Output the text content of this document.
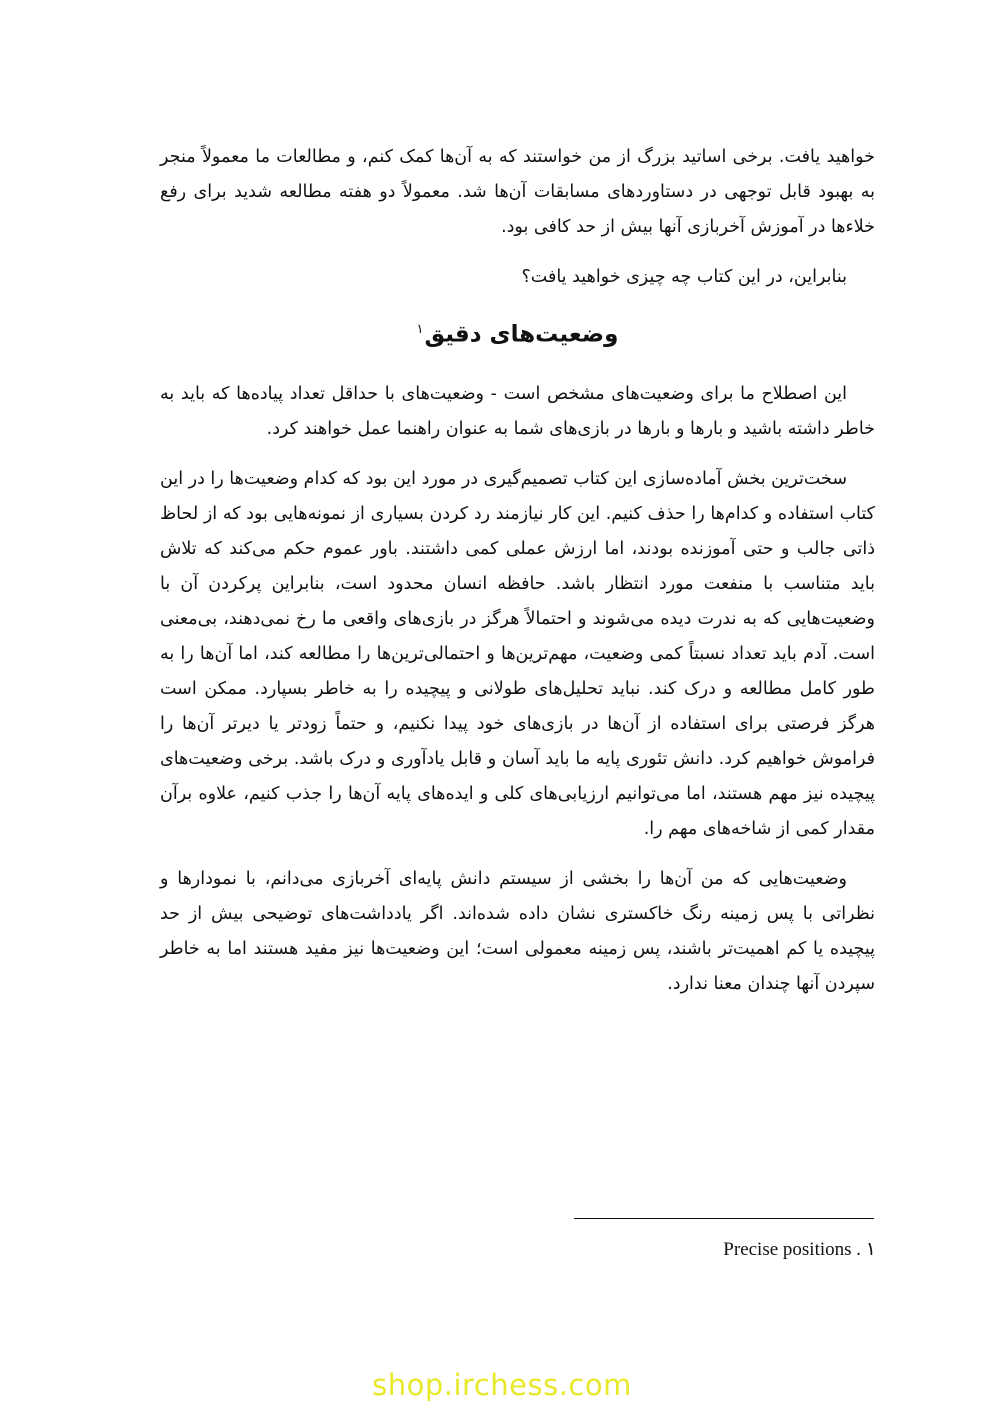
خواهید یافت. برخی اساتید بزرگ از من خواستند که به آن‌ها کمک کنم، و مطالعات ما معمولاً منجر به بهبود قابل توجهی در دستاوردهای مسابقات آن‌ها شد. معمولاً دو هفته مطالعه شدید برای رفع خلاءها در آموزش آخربازی آنها بیش از حد کافی بود.

بنابراین، در این کتاب چه چیزی خواهید یافت؟

وضعیت‌های دقیق$^۱$

این اصطلاح ما برای وضعیت‌های مشخص است - وضعیت‌های با حداقل تعداد پیاده‌ها که باید به خاطر داشته باشید و بارها و بارها در بازی‌های شما به عنوان راهنما عمل خواهند کرد.

سخت‌ترین بخش آماده‌سازی این کتاب تصمیم‌گیری در مورد این بود که کدام وضعیت‌ها را در این کتاب استفاده و کدام‌ها را حذف کنیم. این کار نیازمند رد کردن بسیاری از نمونه‌هایی بود که از لحاظ ذاتی جالب و حتی آموزنده بودند، اما ارزش عملی کمی داشتند. باور عموم حکم می‌کند که تلاش باید متناسب با منفعت مورد انتظار باشد. حافظه انسان محدود است، بنابراین پرکردن آن با وضعیت‌هایی که به ندرت دیده می‌شوند و احتمالاً هرگز در بازی‌های واقعی ما رخ نمی‌دهند، بی‌معنی است. آدم باید تعداد نسبتاً کمی وضعیت، مهم‌ترین‌ها و احتمالی‌ترین‌ها را مطالعه کند، اما آن‌ها را به طور کامل مطالعه و درک کند. نباید تحلیل‌های طولانی و پیچیده را به خاطر بسپارد. ممکن است هرگز فرصتی برای استفاده از آن‌ها در بازی‌های خود پیدا نکنیم، و حتماً زودتر یا دیرتر آن‌ها را فراموش خواهیم کرد. دانش تئوری پایه ما باید آسان و قابل یادآوری و درک باشد. برخی وضعیت‌های پیچیده نیز مهم هستند، اما می‌توانیم ارزیابی‌های کلی و ایده‌های پایه آن‌ها را جذب کنیم، علاوه برآن مقدار کمی از شاخه‌های مهم را.

وضعیت‌هایی که من آن‌ها را بخشی از سیستم دانش پایه‌ای آخربازی می‌دانم، با نمودارها و نظراتی با پس زمینه رنگ خاکستری نشان داده شده‌اند. اگر یادداشت‌های توضیحی بیش از حد پیچیده یا کم اهمیت‌تر باشند، پس زمینه معمولی است؛ این وضعیت‌ها نیز مفید هستند اما به خاطر سپردن آنها چندان معنا ندارد.

Precise positions . ۱
shop.irchess.com
